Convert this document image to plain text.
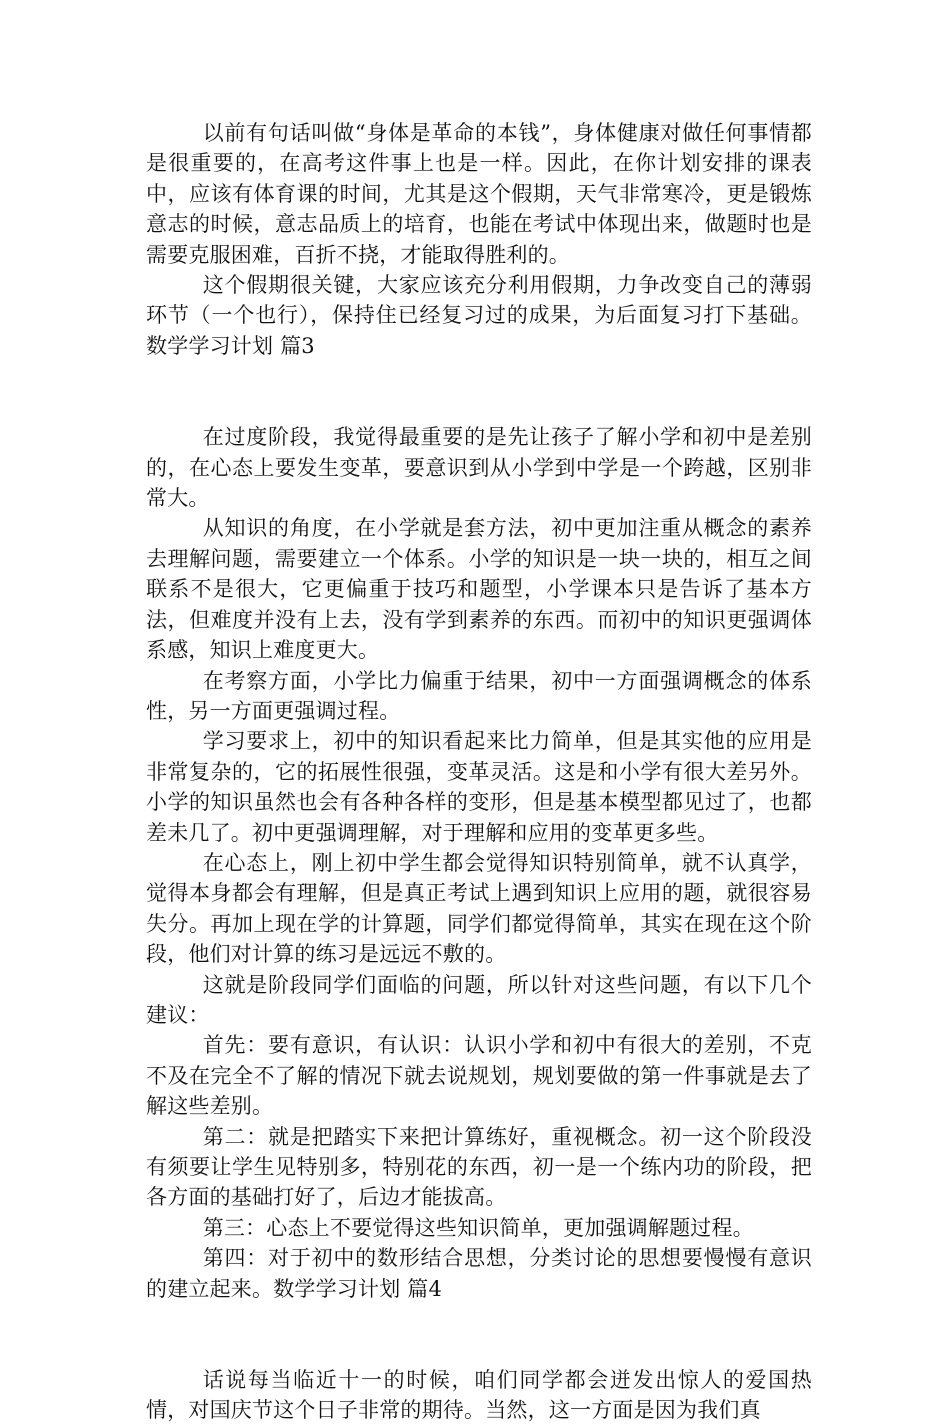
以前有句话叫做“身体是革命的本钱”，身体健康对做任何事情都是很重要的，在高考这件事上也是一样。因此，在你计划安排的课表中，应该有体育课的时间，尤其是这个假期，天气非常寒冷，更是锻炼意志的时候，意志品质上的培育，也能在考试中体现出来，做题时也是需要克服困难，百折不挠，才能取得胜利的。

这个假期很关键，大家应该充分利用假期，力争改变自己的薄弱环节（一个也行），保持住已经复习过的成果，为后面复习打下基础。数学学习计划 篇3

在过度阶段，我觉得最重要的是先让孩子了解小学和初中是差别的，在心态上要发生变革，要意识到从小学到中学是一个跨越，区别非常大。

从知识的角度，在小学就是套方法，初中更加注重从概念的素养去理解问题，需要建立一个体系。小学的知识是一块一块的，相互之间联系不是很大，它更偏重于技巧和题型，小学课本只是告诉了基本方法，但难度并没有上去，没有学到素养的东西。而初中的知识更强调体系感，知识上难度更大。

在考察方面，小学比力偏重于结果，初中一方面强调概念的体系性，另一方面更强调过程。

学习要求上，初中的知识看起来比力简单，但是其实他的应用是非常复杂的，它的拓展性很强，变革灵活。这是和小学有很大差另外。小学的知识虽然也会有各种各样的变形，但是基本模型都见过了，也都差未几了。初中更强调理解，对于理解和应用的变革更多些。

在心态上，刚上初中学生都会觉得知识特别简单，就不认真学，觉得本身都会有理解，但是真正考试上遇到知识上应用的题，就很容易失分。再加上现在学的计算题，同学们都觉得简单，其实在现在这个阶段，他们对计算的练习是远远不敷的。

这就是阶段同学们面临的问题，所以针对这些问题，有以下几个建议：

首先：要有意识，有认识：认识小学和初中有很大的差别，不克不及在完全不了解的情况下就去说规划，规划要做的第一件事就是去了解这些差别。

第二：就是把踏实下来把计算练好，重视概念。初一这个阶段没有须要让学生见特别多，特别花的东西，初一是一个练内功的阶段，把各方面的基础打好了，后边才能拔高。

第三：心态上不要觉得这些知识简单，更加强调解题过程。

第四：对于初中的数形结合思想，分类讨论的思想要慢慢有意识的建立起来。数学学习计划 篇4

话说每当临近十一的时候，咱们同学都会迸发出惊人的爱国热情，对国庆节这个日子非常的期待。当然，这一方面是因为我们真
